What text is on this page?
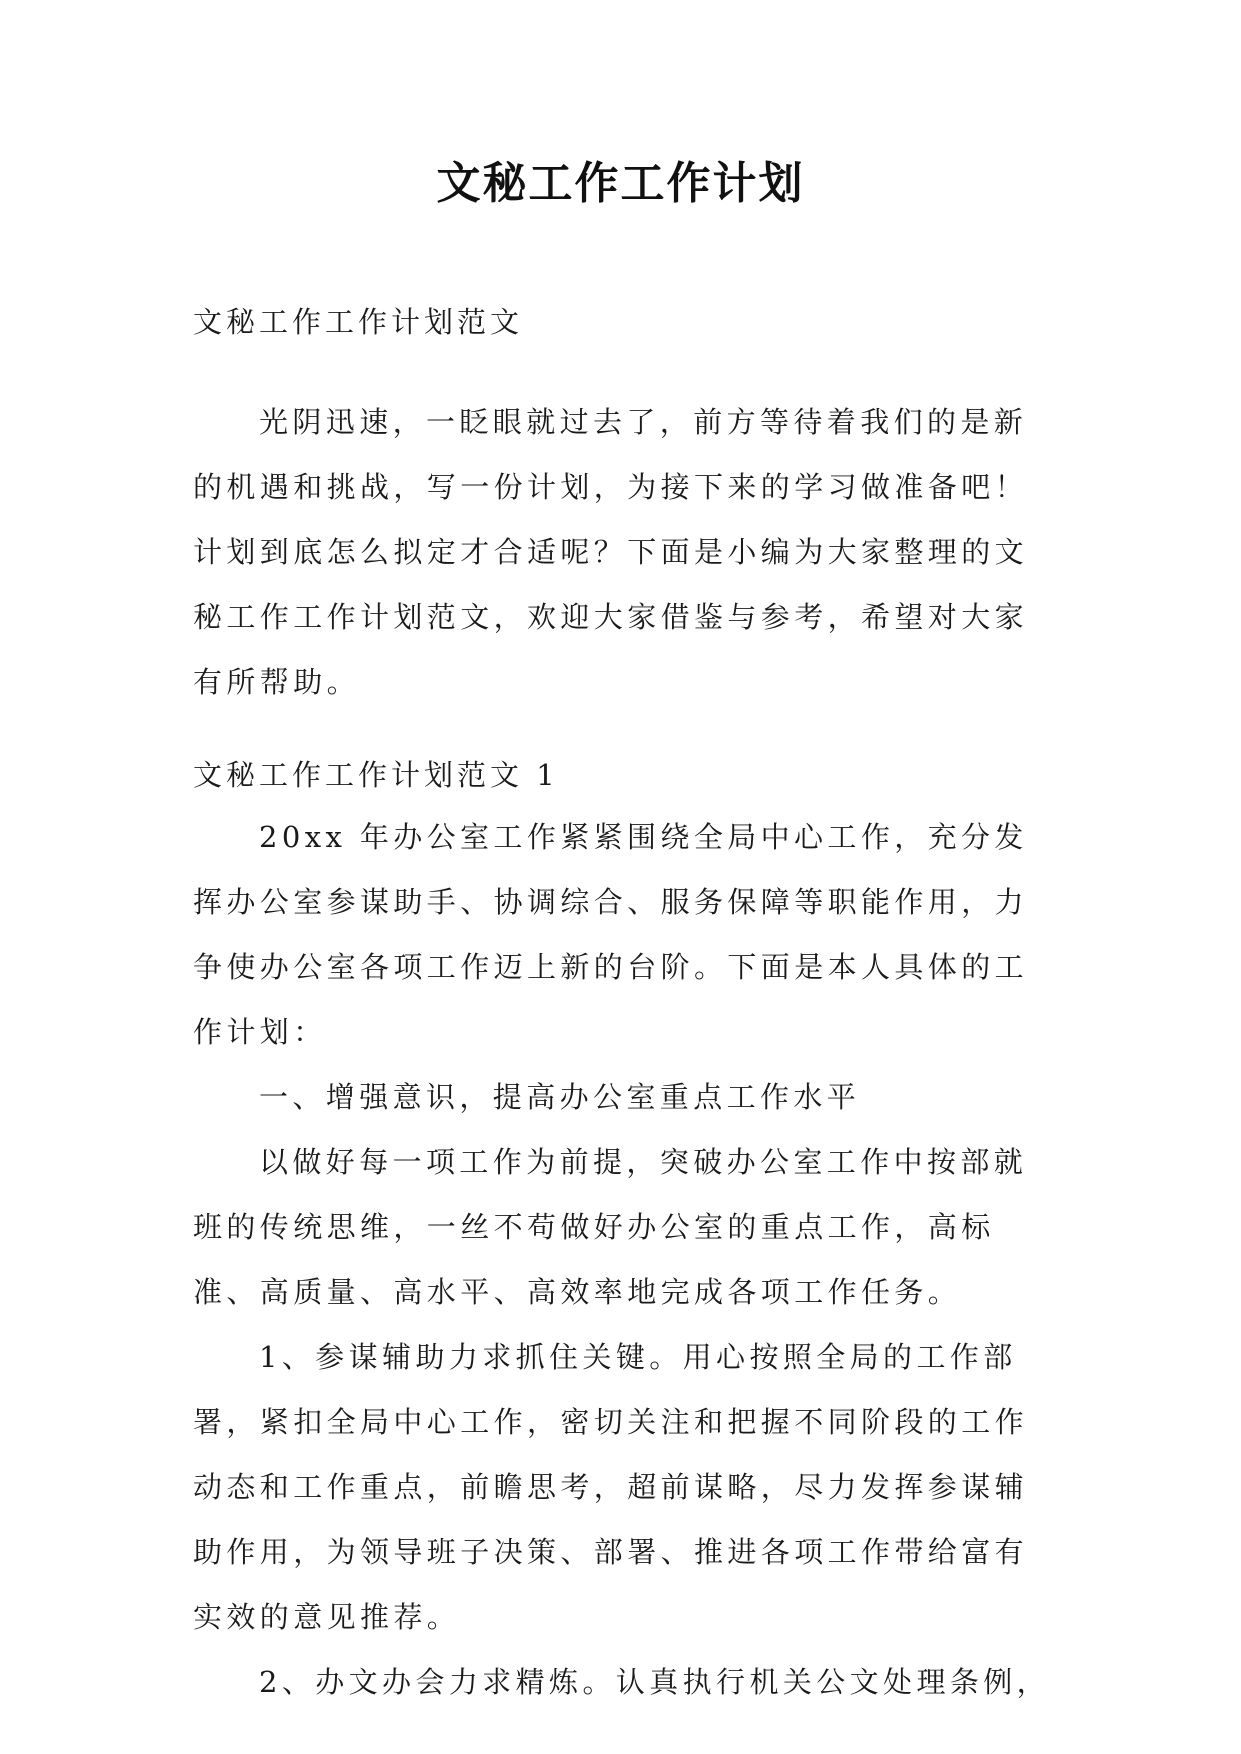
文秘工作工作计划

文秘工作工作计划范文

光阴迅速，一眨眼就过去了，前方等待着我们的是新的机遇和挑战，写一份计划，为接下来的学习做准备吧！计划到底怎么拟定才合适呢？下面是小编为大家整理的文秘工作工作计划范文，欢迎大家借鉴与参考，希望对大家有所帮助。

文秘工作工作计划范文 1

20xx 年办公室工作紧紧围绕全局中心工作，充分发挥办公室参谋助手、协调综合、服务保障等职能作用，力争使办公室各项工作迈上新的台阶。下面是本人具体的工作计划：

一、增强意识，提高办公室重点工作水平

以做好每一项工作为前提，突破办公室工作中按部就班的传统思维，一丝不苟做好办公室的重点工作，高标准、高质量、高水平、高效率地完成各项工作任务。

1、参谋辅助力求抓住关键。用心按照全局的工作部署，紧扣全局中心工作，密切关注和把握不同阶段的工作动态和工作重点，前瞻思考，超前谋略，尽力发挥参谋辅助作用，为领导班子决策、部署、推进各项工作带给富有实效的意见推荐。

2、办文办会力求精炼。认真执行机关公文处理条例，
